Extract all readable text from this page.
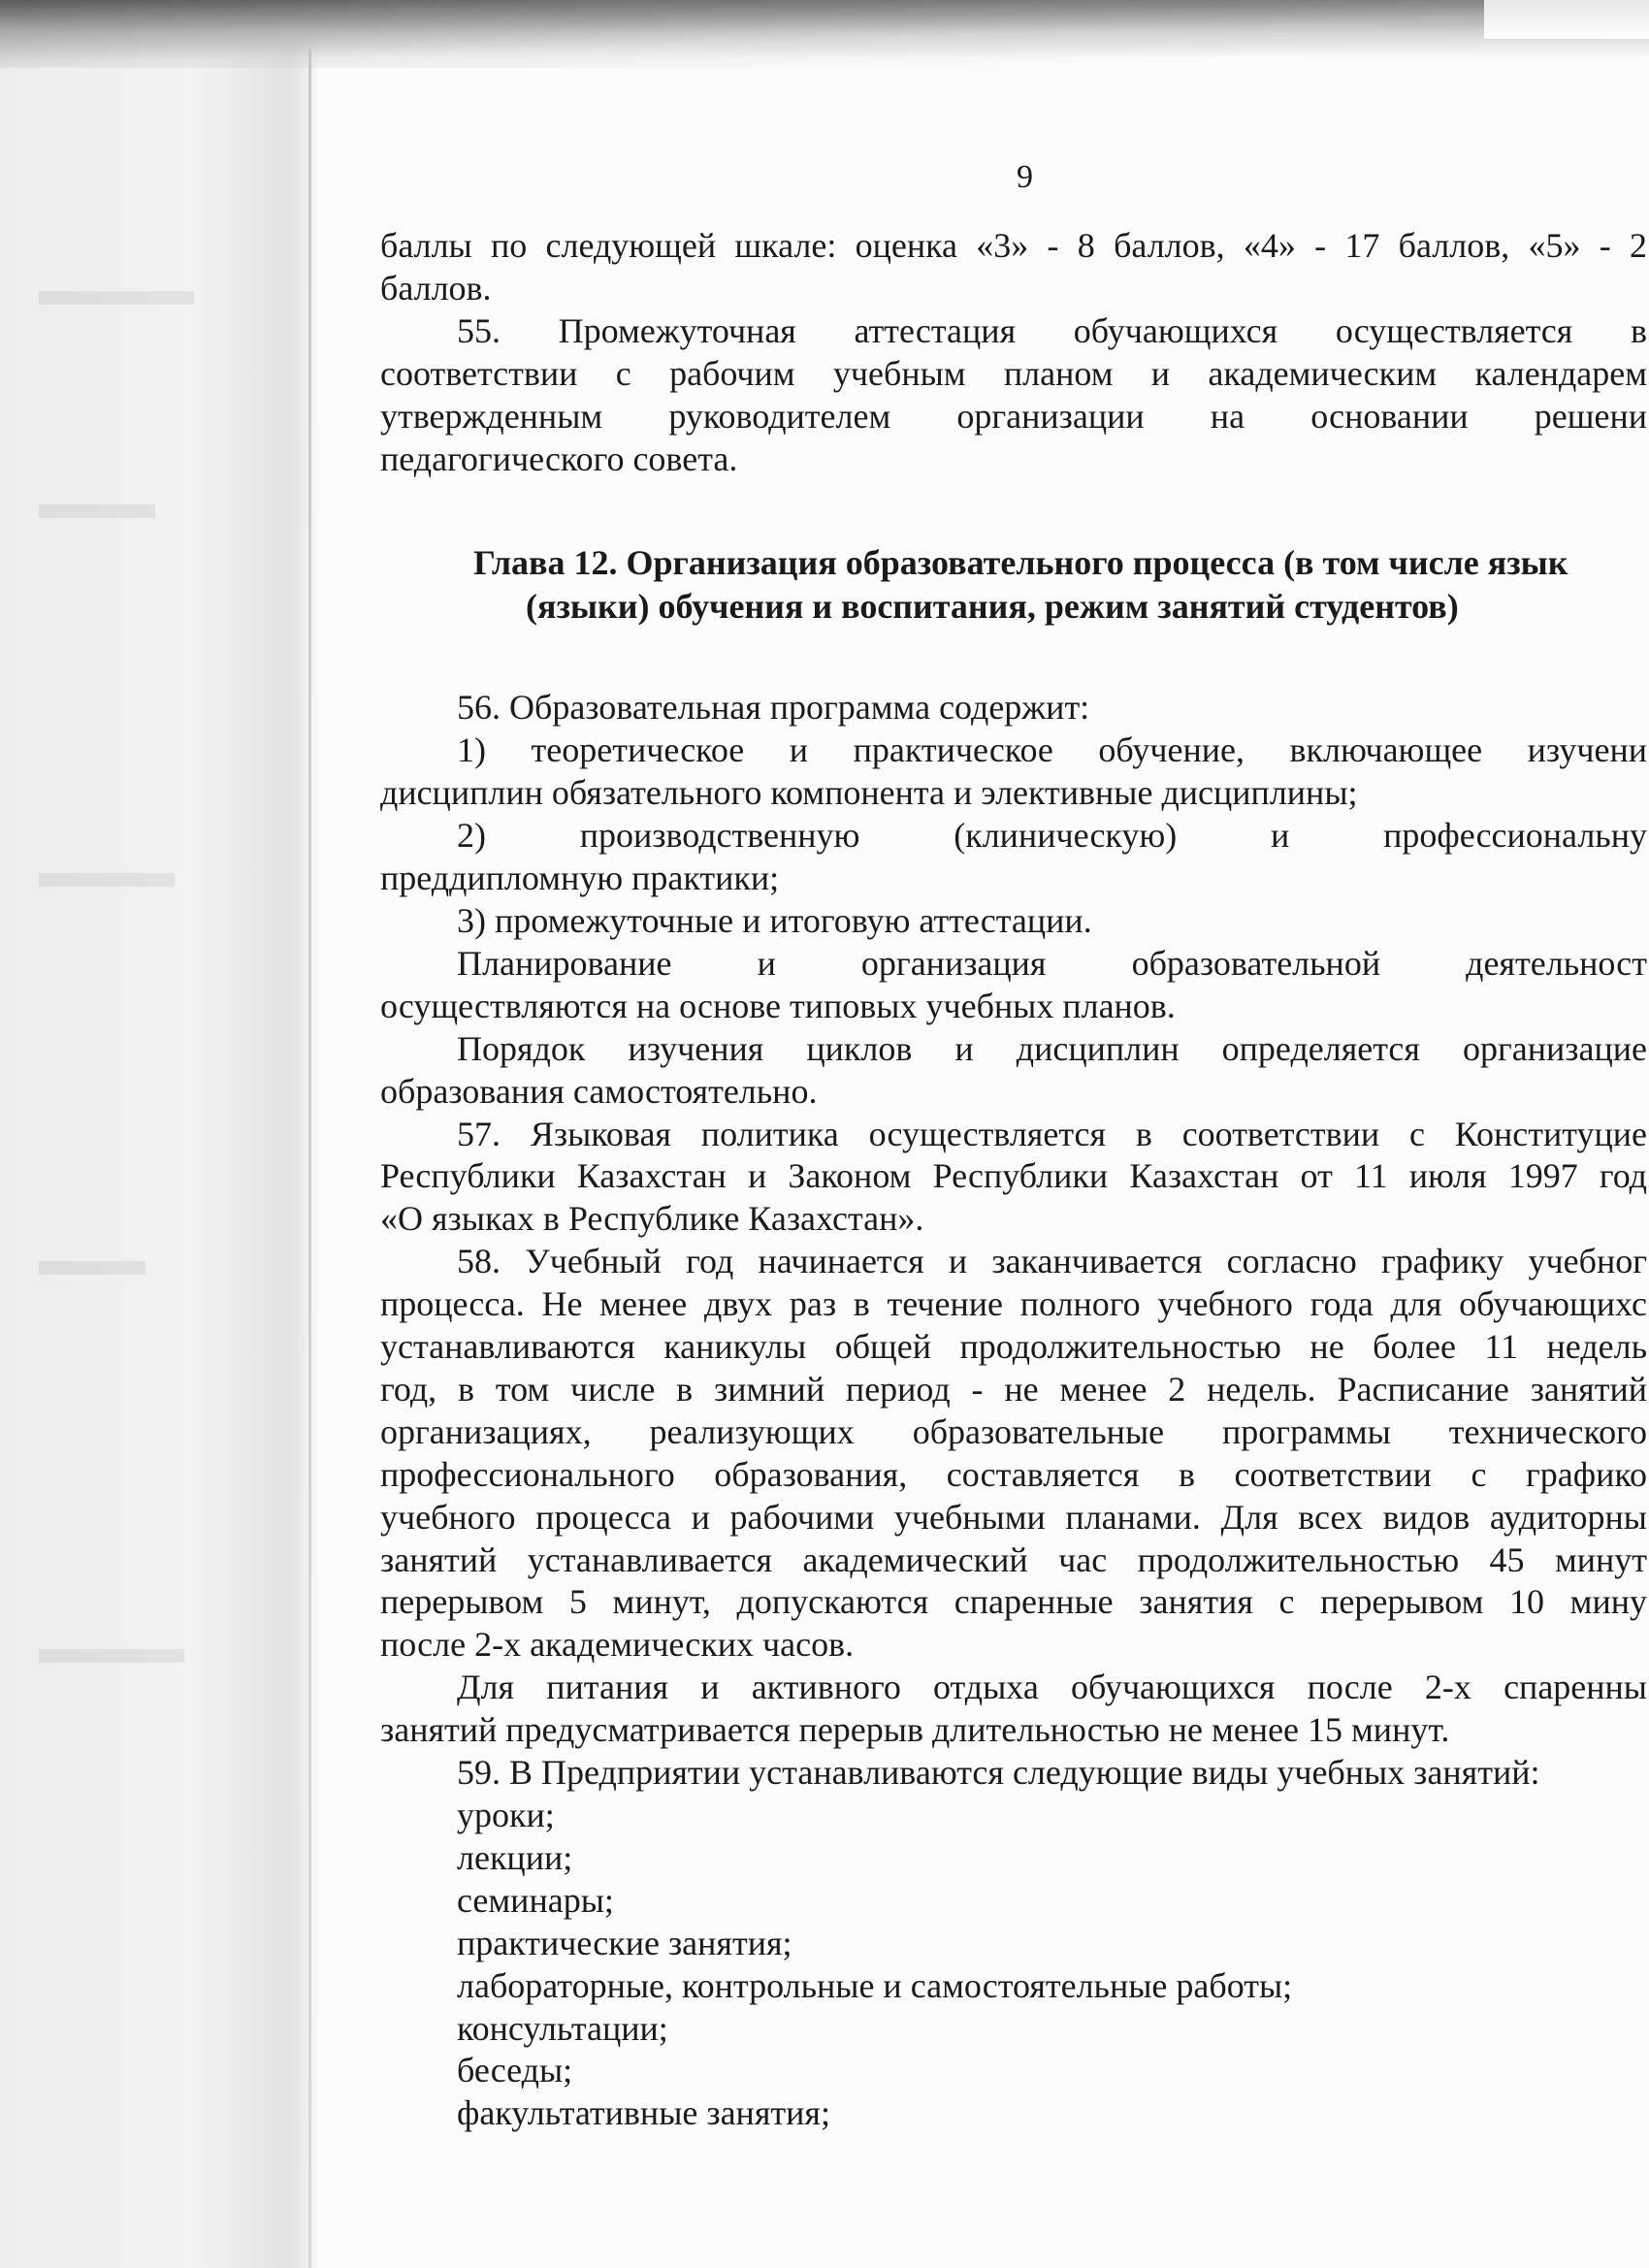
9

баллы по следующей шкале: оценка «3» - 8 баллов, «4» - 17 баллов, «5» - 2

баллов.

55. Промежуточная аттестация обучающихся осуществляется в

соответствии с рабочим учебным планом и академическим календарем

утвержденным руководителем организации на основании решени

педагогического совета.

Глава 12. Организация образовательного процесса (в том числе язык

(языки) обучения и воспитания, режим занятий студентов)

56. Образовательная программа содержит:

1) теоретическое и практическое обучение, включающее изучени

дисциплин обязательного компонента и элективные дисциплины;

2) производственную (клиническую) и профессиональну

преддипломную практики;

3) промежуточные и итоговую аттестации.

Планирование и организация образовательной деятельност

осуществляются на основе типовых учебных планов.

Порядок изучения циклов и дисциплин определяется организацие

образования самостоятельно.

57. Языковая политика осуществляется в соответствии с Конституцие

Республики Казахстан и Законом Республики Казахстан от 11 июля 1997 год

«О языках в Республике Казахстан».

58. Учебный год начинается и заканчивается согласно графику учебног

процесса. Не менее двух раз в течение полного учебного года для обучающихс

устанавливаются каникулы общей продолжительностью не более 11 недель

год, в том числе в зимний период - не менее 2 недель. Расписание занятий

организациях, реализующих образовательные программы технического

профессионального образования, составляется в соответствии с графико

учебного процесса и рабочими учебными планами. Для всех видов аудиторны

занятий устанавливается академический час продолжительностью 45 минут

перерывом 5 минут, допускаются спаренные занятия с перерывом 10 мину

после 2-х академических часов.

Для питания и активного отдыха обучающихся после 2-х спаренны

занятий предусматривается перерыв длительностью не менее 15 минут.

59. В Предприятии устанавливаются следующие виды учебных занятий:

уроки;

лекции;

семинары;

практические занятия;

лабораторные, контрольные и самостоятельные работы;

консультации;

беседы;

факультативные занятия;
